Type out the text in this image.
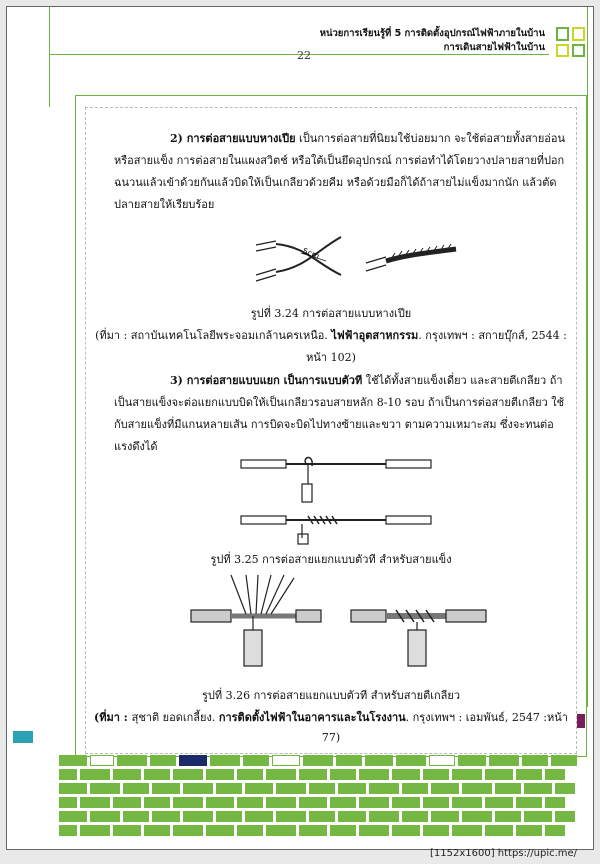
หน่วยการเรียนรู้ที่ 5 การติดตั้งอุปกรณ์ไฟฟ้าภายในบ้าน
การเดินสายไฟฟ้าในบ้าน
22
2) การต่อสายแบบหางเปีย เป็นการต่อสายที่นิยมใช้บ่อยมาก จะใช้ต่อสายทั้งสายอ่อนหรือสายแข็ง การต่อสายในแผงสวิตช์ หรือใต้เป็นยึดอุปกรณ์ การต่อทำได้โดยวางปลายสายที่ปอกฉนวนแล้วเข้าด้วยกันแล้วบิดให้เป็นเกลียวด้วยคีม หรือด้วยมือก็ได้ถ้าสายไม่แข็งมากนัก แล้วตัดปลายสายให้เรียบร้อย
5cm
รูปที่ 3.24 การต่อสายแบบหางเปีย
(ที่มา : สถาบันเทคโนโลยีพระจอมเกล้านครเหนือ. ไฟฟ้าอุตสาหกรรม. กรุงเทพฯ : สกายบุ๊กส์, 2544 :
หน้า 102)
3) การต่อสายแบบแยก เป็นการแบบตัวที ใช้ได้ทั้งสายแข็งเดี่ยว และสายตีเกลียว ถ้าเป็นสายแข็งจะต่อแยกแบบบิดให้เป็นเกลียวรอบสายหลัก 8-10 รอบ ถ้าเป็นการต่อสายตีเกลียว ใช้กับสายแข็งที่มีแกนหลายเส้น การบิดจะบิดไปทางซ้ายและขวา ตามความเหมาะสม ซึ่งจะทนต่อแรงดึงได้
รูปที่ 3.25 การต่อสายแยกแบบตัวที สำหรับสายแข็ง
รูปที่ 3.26 การต่อสายแยกแบบตัวที สำหรับสายตีเกลียว
(ที่มา : สุชาติ ยอดเกลี้ยง. การติดตั้งไฟฟ้าในอาคารและในโรงงาน. กรุงเทพฯ : เอมพันธ์, 2547 :หน้า 77)
[1152x1600] https://upic.me/
